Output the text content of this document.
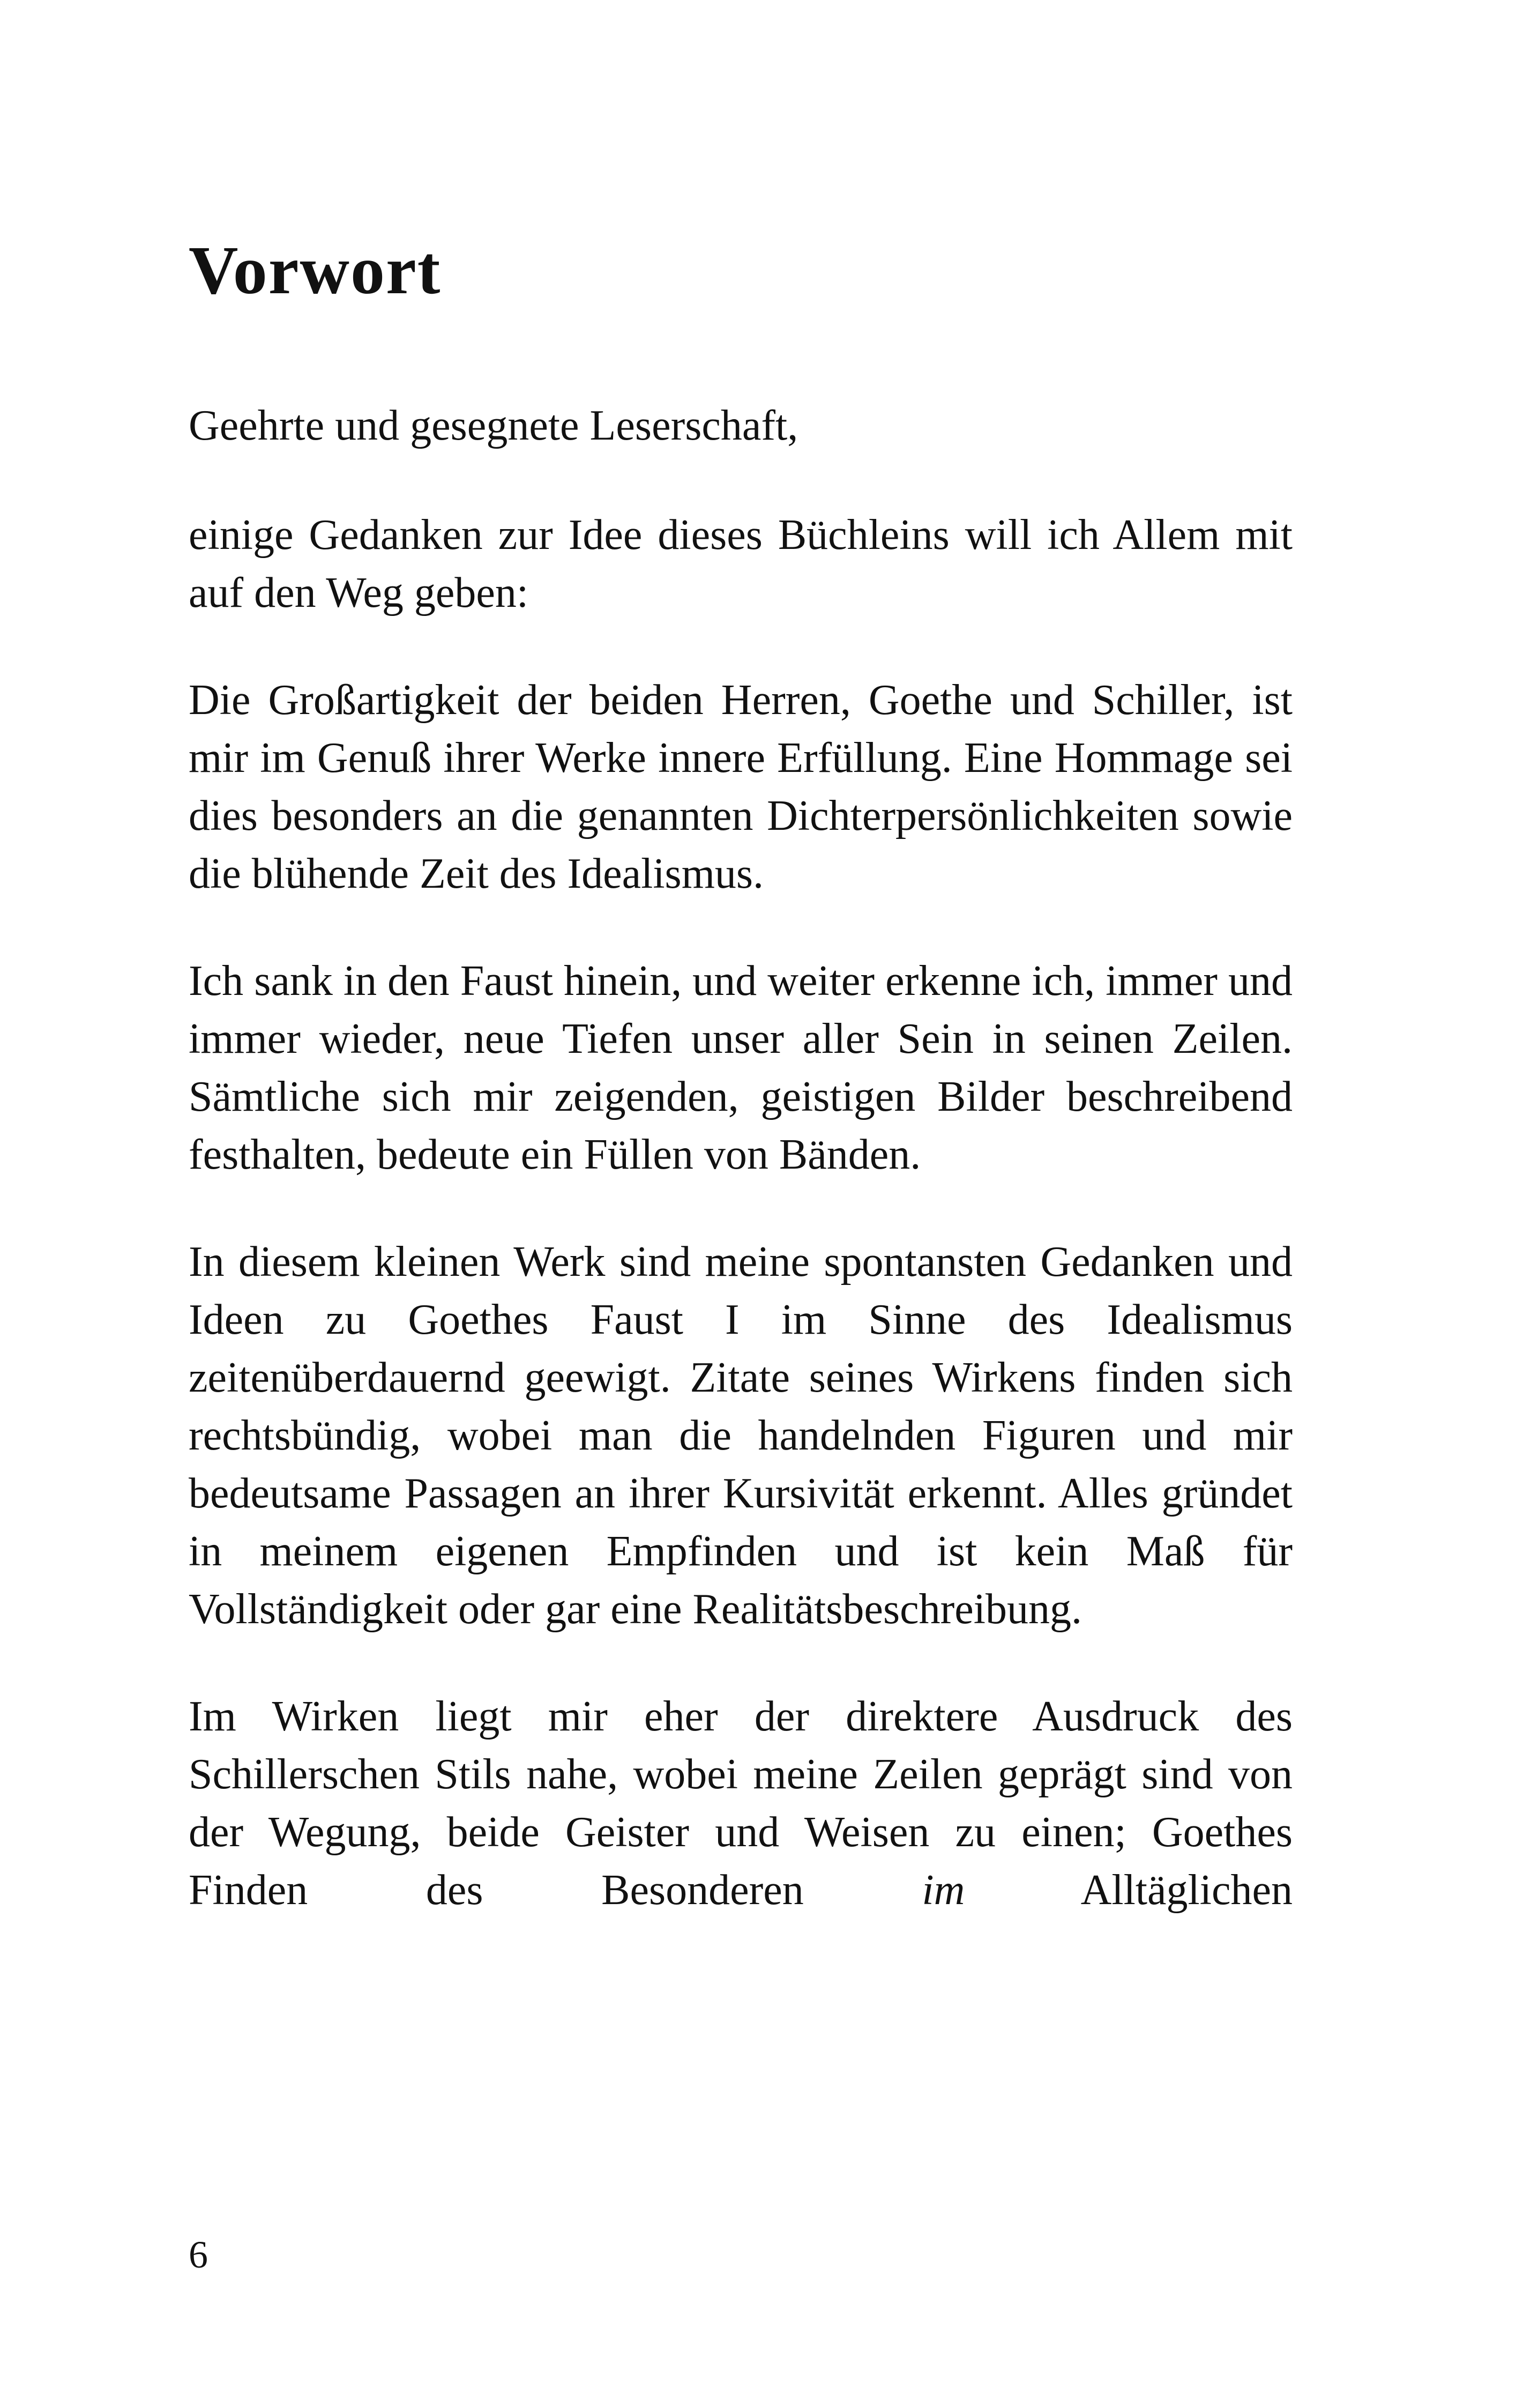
Vorwort

Geehrte und gesegnete Leserschaft,

einige Gedanken zur Idee dieses Büchleins will ich Allem mit auf den Weg geben:

Die Großartigkeit der beiden Herren, Goethe und Schiller, ist mir im Genuß ihrer Werke innere Erfüllung. Eine Hommage sei dies besonders an die genannten Dichterpersönlichkeiten sowie die blühende Zeit des Idealismus.

Ich sank in den Faust hinein, und weiter erkenne ich, immer und immer wieder, neue Tiefen unser aller Sein in seinen Zeilen. Sämtliche sich mir zeigenden, geistigen Bilder beschreibend festhalten, bedeute ein Füllen von Bänden.

In diesem kleinen Werk sind meine spontansten Gedanken und Ideen zu Goethes Faust I im Sinne des Idealismus zeitenüberdauernd geewigt. Zitate seines Wirkens finden sich rechtsbündig, wobei man die handelnden Figuren und mir bedeutsame Passagen an ihrer Kursivität erkennt. Alles gründet in meinem eigenen Empfinden und ist kein Maß für Vollständigkeit oder gar eine Realitätsbeschreibung.

Im Wirken liegt mir eher der direktere Ausdruck des Schillerschen Stils nahe, wobei meine Zeilen geprägt sind von der Wegung, beide Geister und Weisen zu einen; Goethes Finden des Besonderen im Alltäglichen

6
